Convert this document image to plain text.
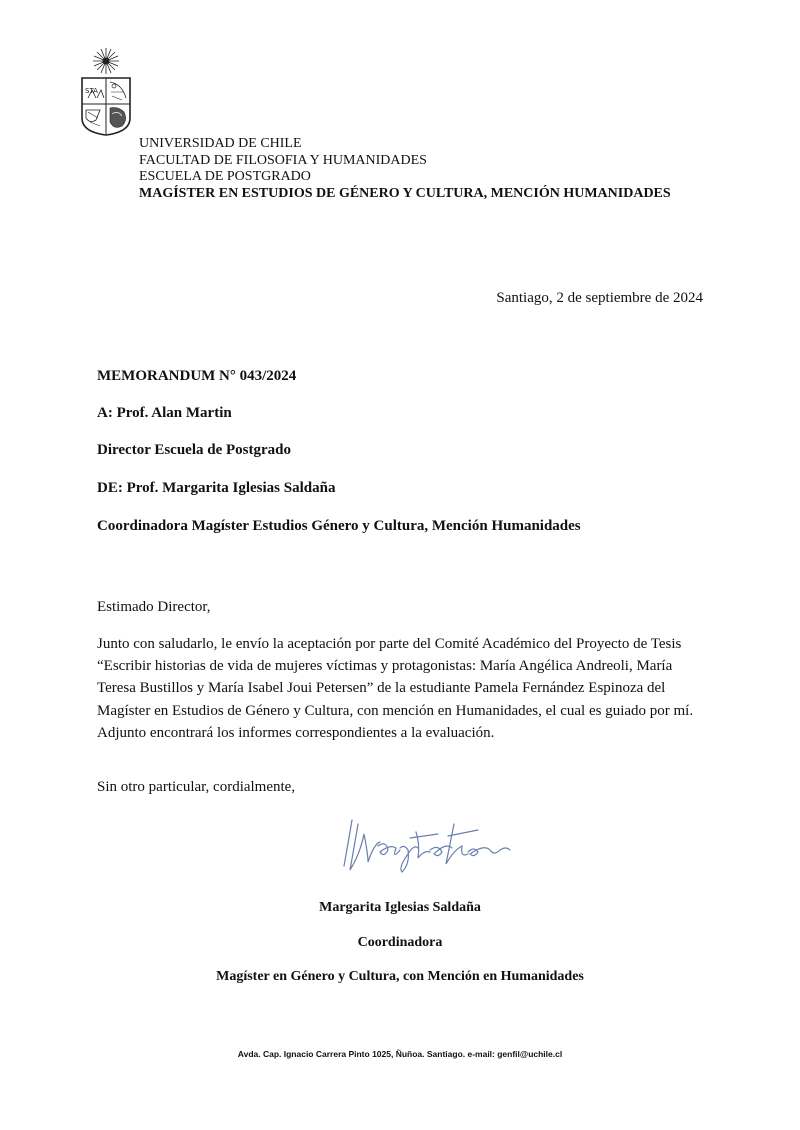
STA
UNIVERSIDAD DE CHILE
FACULTAD DE FILOSOFIA Y HUMANIDADES
ESCUELA DE POSTGRADO
MAGÍSTER EN ESTUDIOS DE GÉNERO Y CULTURA, MENCIÓN HUMANIDADES
Santiago, 2 de septiembre de 2024
MEMORANDUM N° 043/2024
A: Prof. Alan Martin
Director Escuela de Postgrado
DE: Prof. Margarita Iglesias Saldaña
Coordinadora Magíster Estudios Género y Cultura, Mención Humanidades
Estimado Director,

Junto con saludarlo, le envío la aceptación por parte del Comité Académico del Proyecto de Tesis “Escribir historias de vida de mujeres víctimas y protagonistas: María Angélica Andreoli, María Teresa Bustillos y María Isabel Joui Petersen” de la estudiante Pamela Fernández Espinoza del Magíster en Estudios de Género y Cultura, con mención en Humanidades, el cual es guiado por mí. Adjunto encontrará los informes correspondientes a la evaluación.

Sin otro particular, cordialmente,
Margarita Iglesias Saldaña
Coordinadora
Magíster en Género y Cultura, con Mención en Humanidades
Avda. Cap. Ignacio Carrera Pinto 1025, Ñuñoa. Santiago. e-mail: genfil@uchile.cl
